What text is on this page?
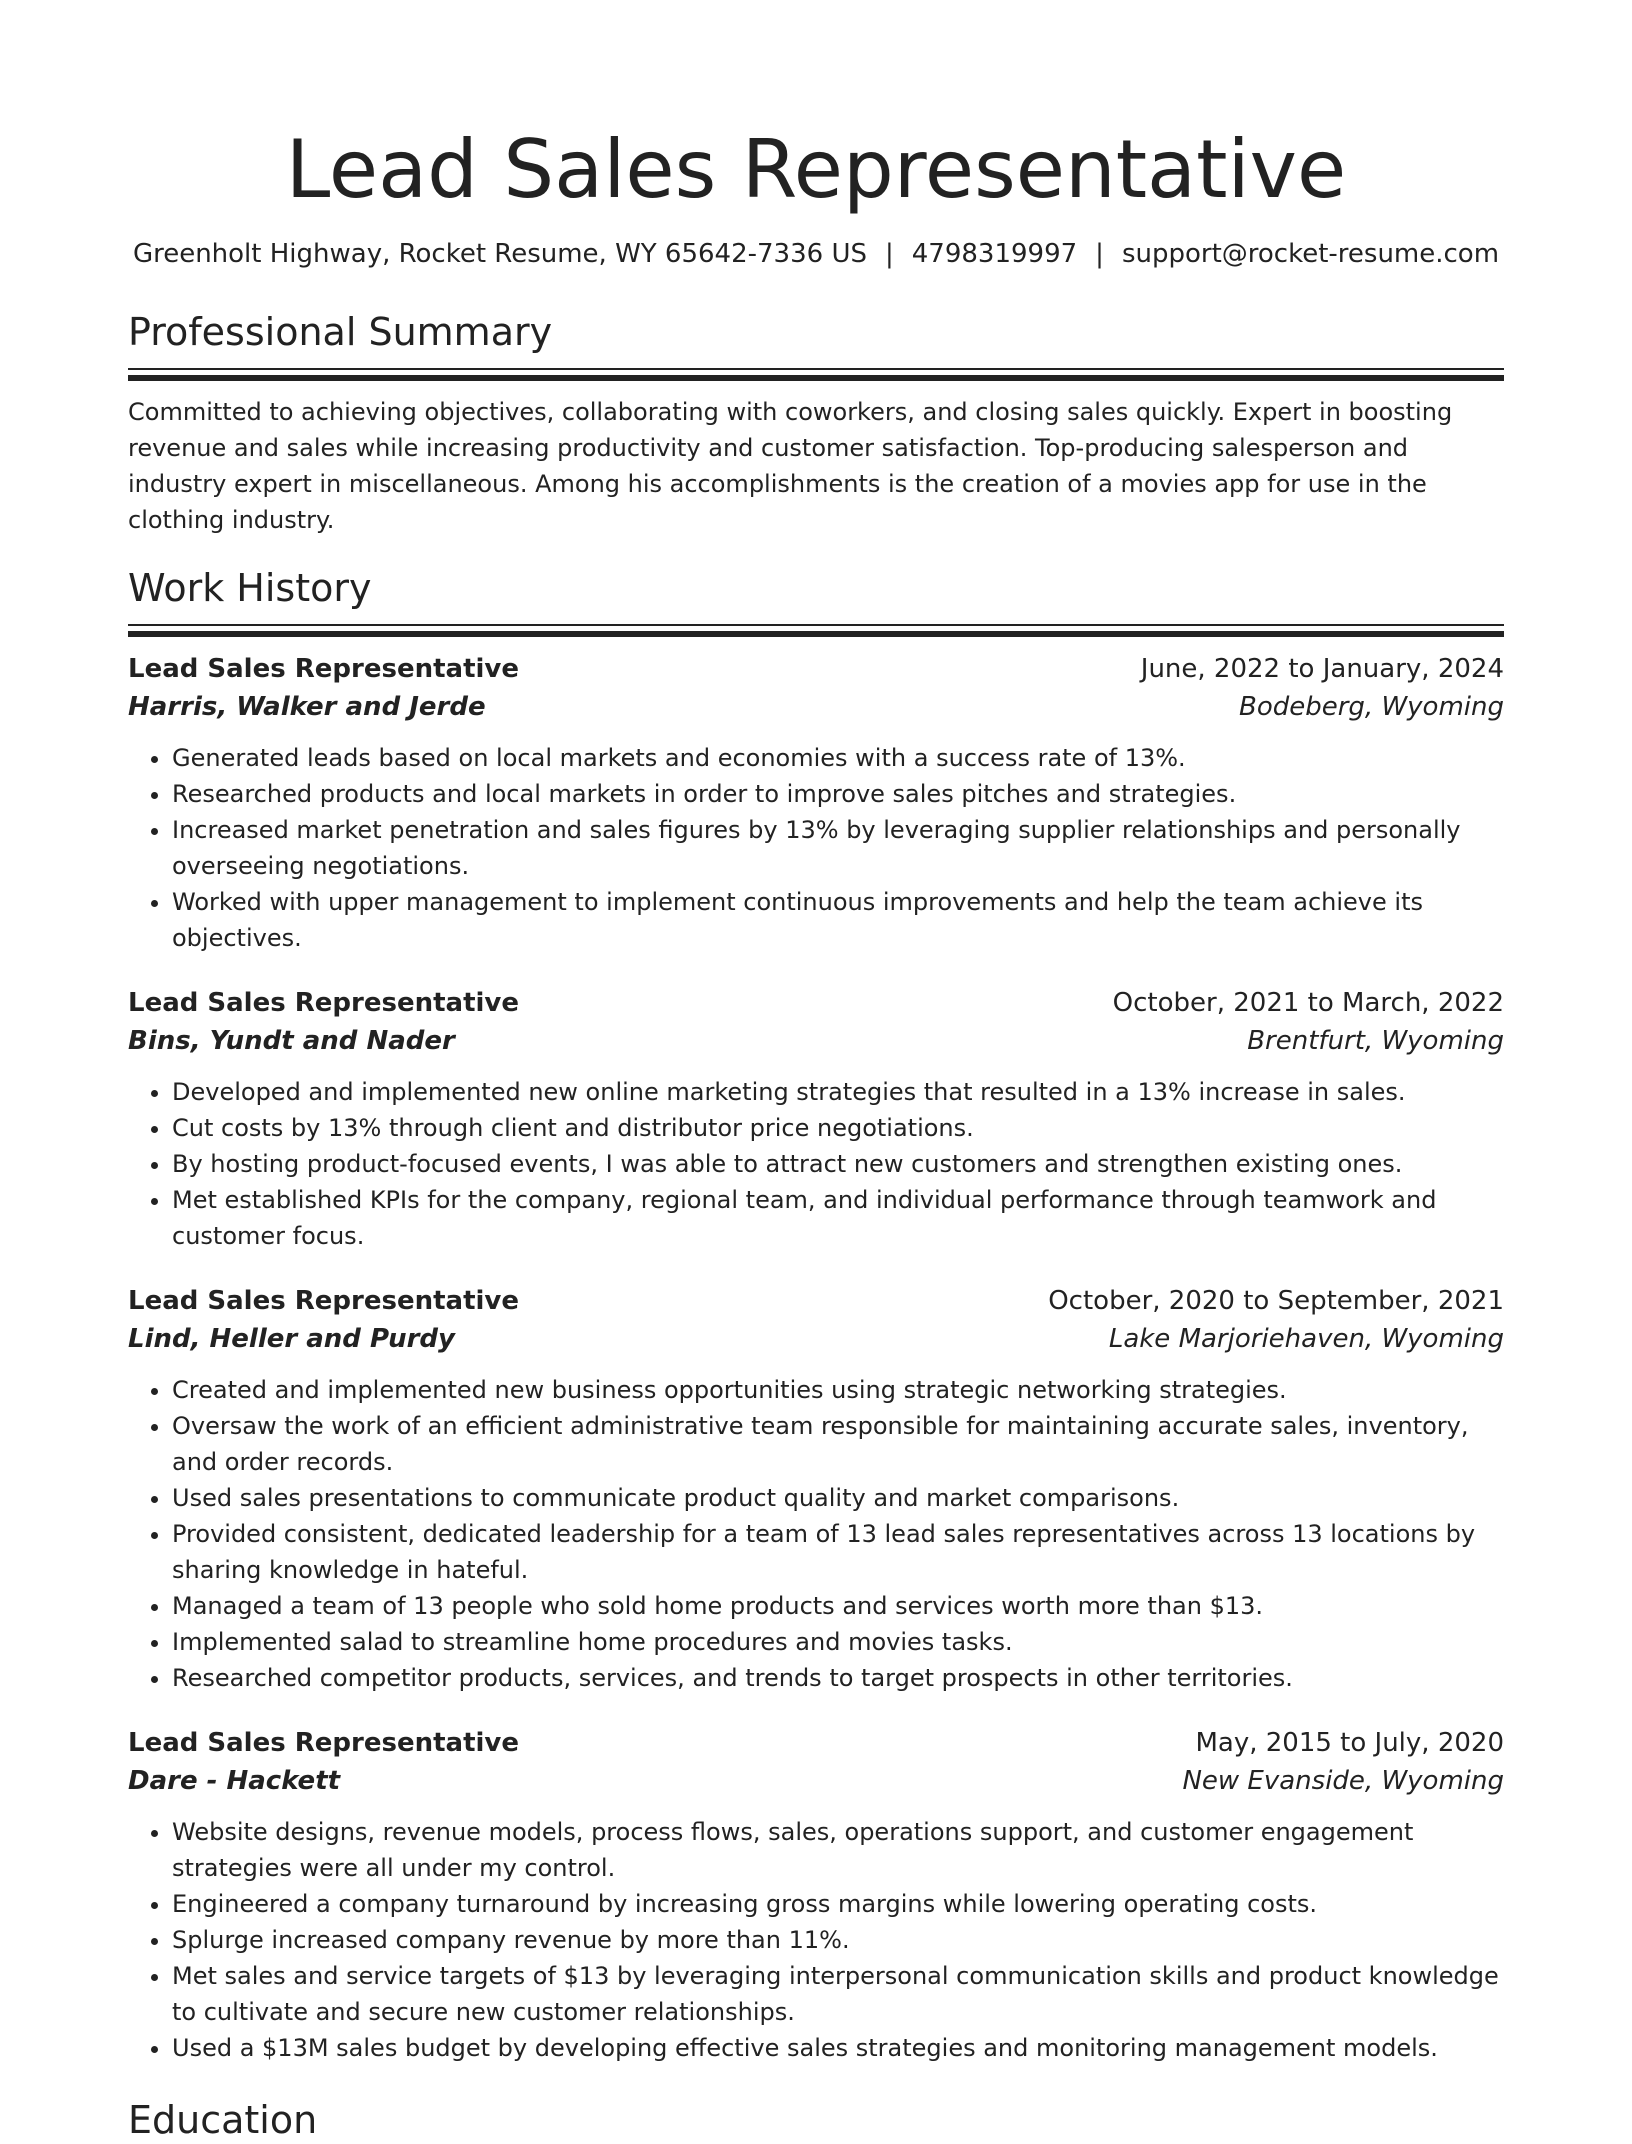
Lead Sales Representative
Greenholt Highway, Rocket Resume, WY 65642-7336 US | 4798319997 | support@rocket-resume.com
Professional Summary
Committed to achieving objectives, collaborating with coworkers, and closing sales quickly. Expert in boosting revenue and sales while increasing productivity and customer satisfaction. Top-producing salesperson and industry expert in miscellaneous. Among his accomplishments is the creation of a movies app for use in the clothing industry.
Work History
Lead Sales Representative	June, 2022 to January, 2024
Harris, Walker and Jerde	Bodeberg, Wyoming
• Generated leads based on local markets and economies with a success rate of 13%.
• Researched products and local markets in order to improve sales pitches and strategies.
• Increased market penetration and sales figures by 13% by leveraging supplier relationships and personally overseeing negotiations.
• Worked with upper management to implement continuous improvements and help the team achieve its objectives.
Lead Sales Representative	October, 2021 to March, 2022
Bins, Yundt and Nader	Brentfurt, Wyoming
• Developed and implemented new online marketing strategies that resulted in a 13% increase in sales.
• Cut costs by 13% through client and distributor price negotiations.
• By hosting product-focused events, I was able to attract new customers and strengthen existing ones.
• Met established KPIs for the company, regional team, and individual performance through teamwork and customer focus.
Lead Sales Representative	October, 2020 to September, 2021
Lind, Heller and Purdy	Lake Marjoriehaven, Wyoming
• Created and implemented new business opportunities using strategic networking strategies.
• Oversaw the work of an efficient administrative team responsible for maintaining accurate sales, inventory, and order records.
• Used sales presentations to communicate product quality and market comparisons.
• Provided consistent, dedicated leadership for a team of 13 lead sales representatives across 13 locations by sharing knowledge in hateful.
• Managed a team of 13 people who sold home products and services worth more than $13.
• Implemented salad to streamline home procedures and movies tasks.
• Researched competitor products, services, and trends to target prospects in other territories.
Lead Sales Representative	May, 2015 to July, 2020
Dare - Hackett	New Evanside, Wyoming
• Website designs, revenue models, process flows, sales, operations support, and customer engagement strategies were all under my control.
• Engineered a company turnaround by increasing gross margins while lowering operating costs.
• Splurge increased company revenue by more than 11%.
• Met sales and service targets of $13 by leveraging interpersonal communication skills and product knowledge to cultivate and secure new customer relationships.
• Used a $13M sales budget by developing effective sales strategies and monitoring management models.
Education
